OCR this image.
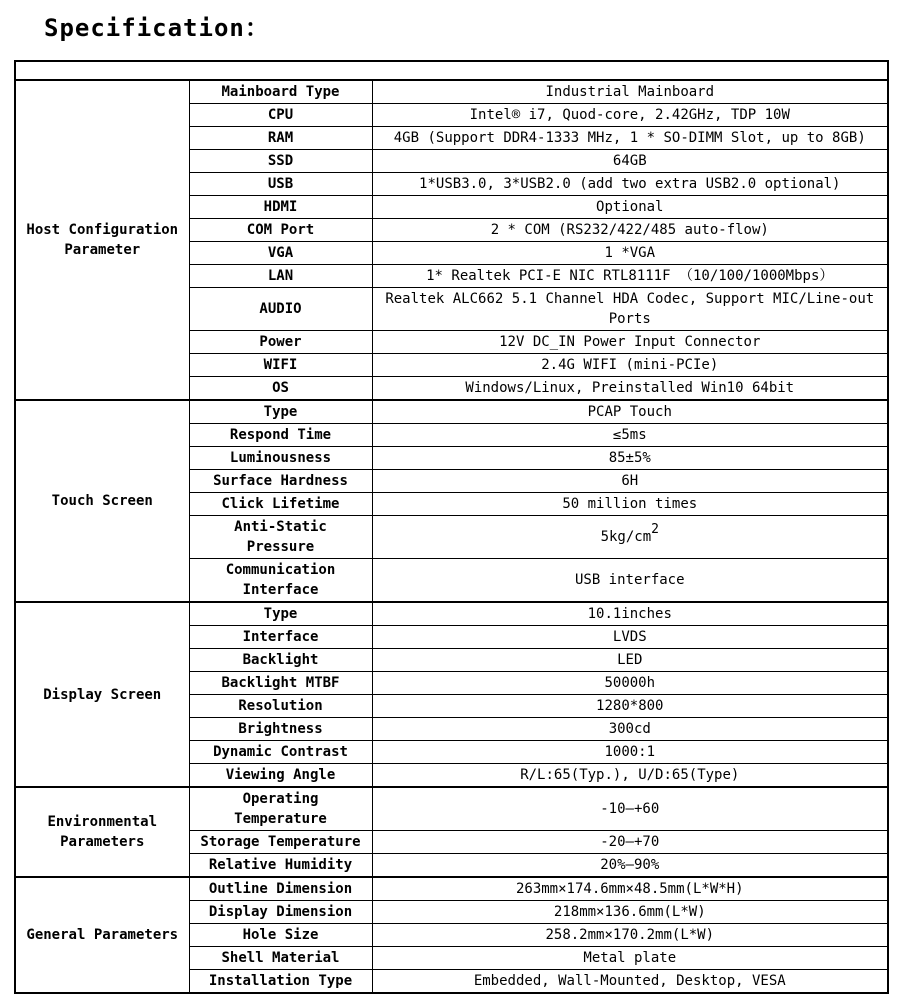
Specification：

Host Configuration Parameter	Mainboard Type	Industrial Mainboard
	CPU	Intel® i7, Quod-core, 2.42GHz, TDP 10W
	RAM	4GB (Support DDR4-1333 MHz, 1 * SO-DIMM Slot, up to 8GB)
	SSD	64GB
	USB	1*USB3.0, 3*USB2.0 (add two extra USB2.0 optional)
	HDMI	Optional
	COM Port	2 * COM (RS232/422/485 auto-flow)
	VGA	1 *VGA
	LAN	1* Realtek PCI-E NIC RTL8111F （10/100/1000Mbps）
	AUDIO	Realtek ALC662 5.1 Channel HDA Codec, Support MIC/Line-out Ports
	Power	12V DC_IN Power Input Connector
	WIFI	2.4G WIFI (mini-PCIe)
	OS	Windows/Linux, Preinstalled Win10 64bit
Touch Screen	Type	PCAP Touch
	Respond Time	≤5ms
	Luminousness	85±5%
	Surface Hardness	6H
	Click Lifetime	50 million times
	Anti-Static Pressure	$5kg/cm^2$
	Communication Interface	USB interface
Display Screen	Type	10.1inches
	Interface	LVDS
	Backlight	LED
	Backlight MTBF	50000h
	Resolution	1280*800
	Brightness	300cd
	Dynamic Contrast	1000:1
	Viewing Angle	R/L:65(Typ.), U/D:65(Type)
Environmental Parameters	Operating Temperature	-10—+60
	Storage Temperature	-20—+70
	Relative Humidity	20%—90%
General Parameters	Outline Dimension	263mm×174.6mm×48.5mm(L*W*H)
	Display Dimension	218mm×136.6mm(L*W)
	Hole Size	258.2mm×170.2mm(L*W)
	Shell Material	Metal plate
	Installation Type	Embedded, Wall-Mounted, Desktop, VESA
